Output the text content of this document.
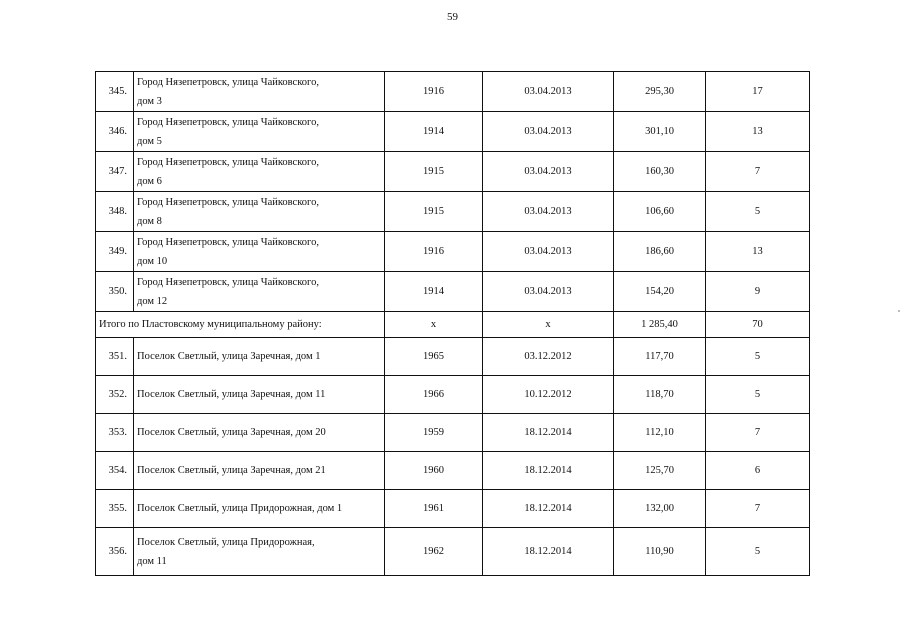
59
345.	Город Нязепетровск, улица Чайковского,
дом 3	1916	03.04.2013	295,30	17
346.	Город Нязепетровск, улица Чайковского,
дом 5	1914	03.04.2013	301,10	13
347.	Город Нязепетровск, улица Чайковского,
дом 6	1915	03.04.2013	160,30	7
348.	Город Нязепетровск, улица Чайковского,
дом 8	1915	03.04.2013	106,60	5
349.	Город Нязепетровск, улица Чайковского,
дом 10	1916	03.04.2013	186,60	13
350.	Город Нязепетровск, улица Чайковского,
дом 12	1914	03.04.2013	154,20	9
Итого по Пластовскому муниципальному району:		х	х	1 285,40	70
351.	Поселок Светлый, улица Заречная, дом 1	1965	03.12.2012	117,70	5
352.	Поселок Светлый, улица Заречная, дом 11	1966	10.12.2012	118,70	5
353.	Поселок Светлый, улица Заречная, дом 20	1959	18.12.2014	112,10	7
354.	Поселок Светлый, улица Заречная, дом 21	1960	18.12.2014	125,70	6
355.	Поселок Светлый, улица Придорожная, дом 1	1961	18.12.2014	132,00	7
356.	Поселок Светлый, улица Придорожная,
дом 11	1962	18.12.2014	110,90	5
